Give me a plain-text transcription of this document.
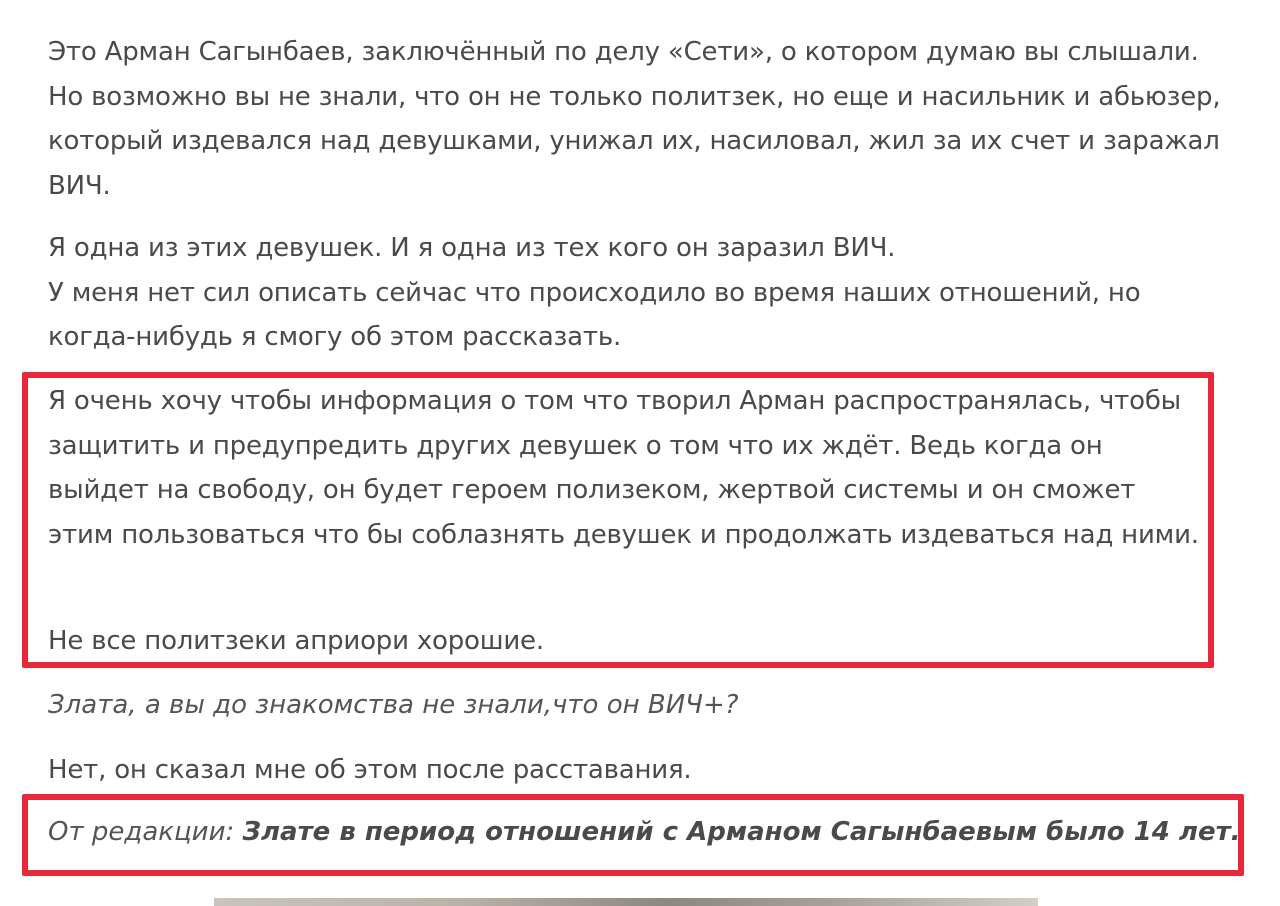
Это Арман Сагынбаев, заключённый по делу «Сети», о котором думаю вы слышали. Но возможно вы не знали, что он не только политзек, но еще и насильник и абьюзер, который издевался над девушками, унижал их, насиловал, жил за их счет и заражал ВИЧ.

Я одна из этих девушек. И я одна из тех кого он заразил ВИЧ.
У меня нет сил описать сейчас что происходило во время наших отношений, но когда-нибудь я смогу об этом рассказать.

Я очень хочу чтобы информация о том что творил Арман распространялась, чтобы защитить и предупредить других девушек о том что их ждёт. Ведь когда он выйдет на свободу, он будет героем полизеком, жертвой системы и он сможет этим пользоваться что бы соблазнять девушек и продолжать издеваться над ними.

Не все политзеки априори хорошие.

Злата, а вы до знакомства не знали,что он ВИЧ+?

Нет, он сказал мне об этом после расставания.

От редакции: Злате в период отношений с Арманом Сагынбаевым было 14 лет.
